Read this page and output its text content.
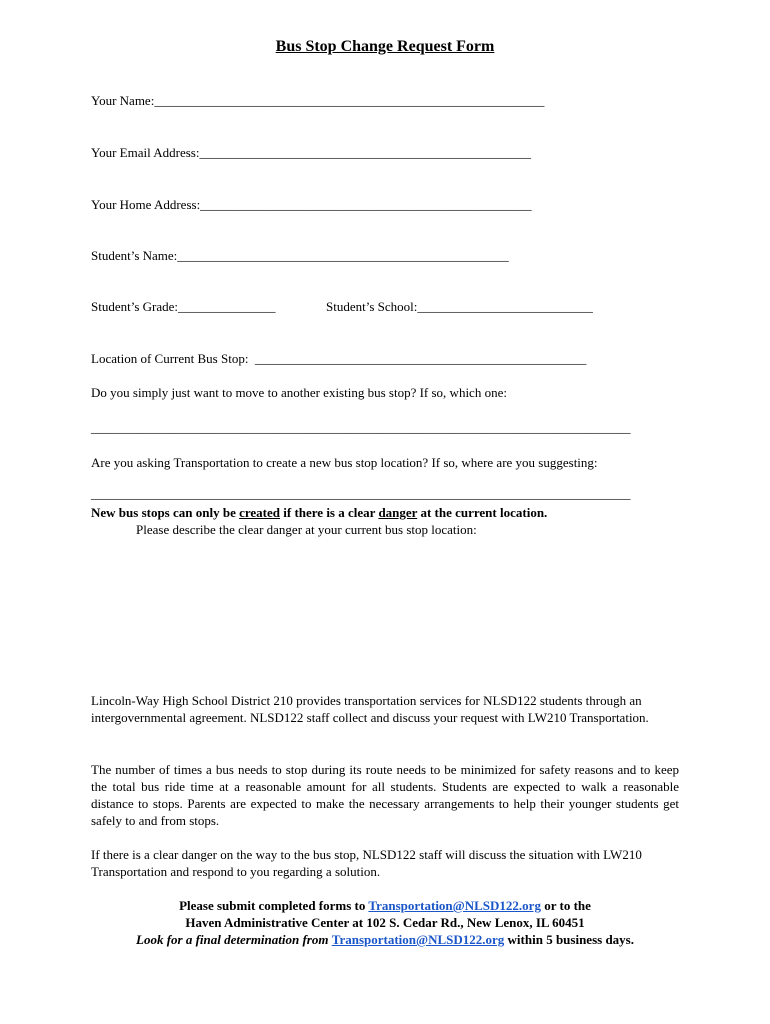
Bus Stop Change Request Form
Your Name:____________________________________________________________
Your Email Address:___________________________________________________
Your Home Address:___________________________________________________
Student’s Name:___________________________________________________
Student’s Grade:_______________	Student’s School:___________________________
Location of Current Bus Stop:  ___________________________________________________
Do you simply just want to move to another existing bus stop? If so, which one:
___________________________________________________________________________________
Are you asking Transportation to create a new bus stop location? If so, where are you suggesting:
___________________________________________________________________________________
New bus stops can only be created if there is a clear danger at the current location.
Please describe the clear danger at your current bus stop location:
Lincoln-Way High School District 210 provides transportation services for NLSD122 students through an intergovernmental agreement. NLSD122 staff collect and discuss your request with LW210 Transportation.
The number of times a bus needs to stop during its route needs to be minimized for safety reasons and to keep the total bus ride time at a reasonable amount for all students. Students are expected to walk a reasonable distance to stops. Parents are expected to make the necessary arrangements to help their younger students get safely to and from stops.
If there is a clear danger on the way to the bus stop, NLSD122 staff will discuss the situation with LW210 Transportation and respond to you regarding a solution.
Please submit completed forms to Transportation@NLSD122.org or to the
Haven Administrative Center at 102 S. Cedar Rd., New Lenox, IL 60451
Look for a final determination from Transportation@NLSD122.org within 5 business days.
